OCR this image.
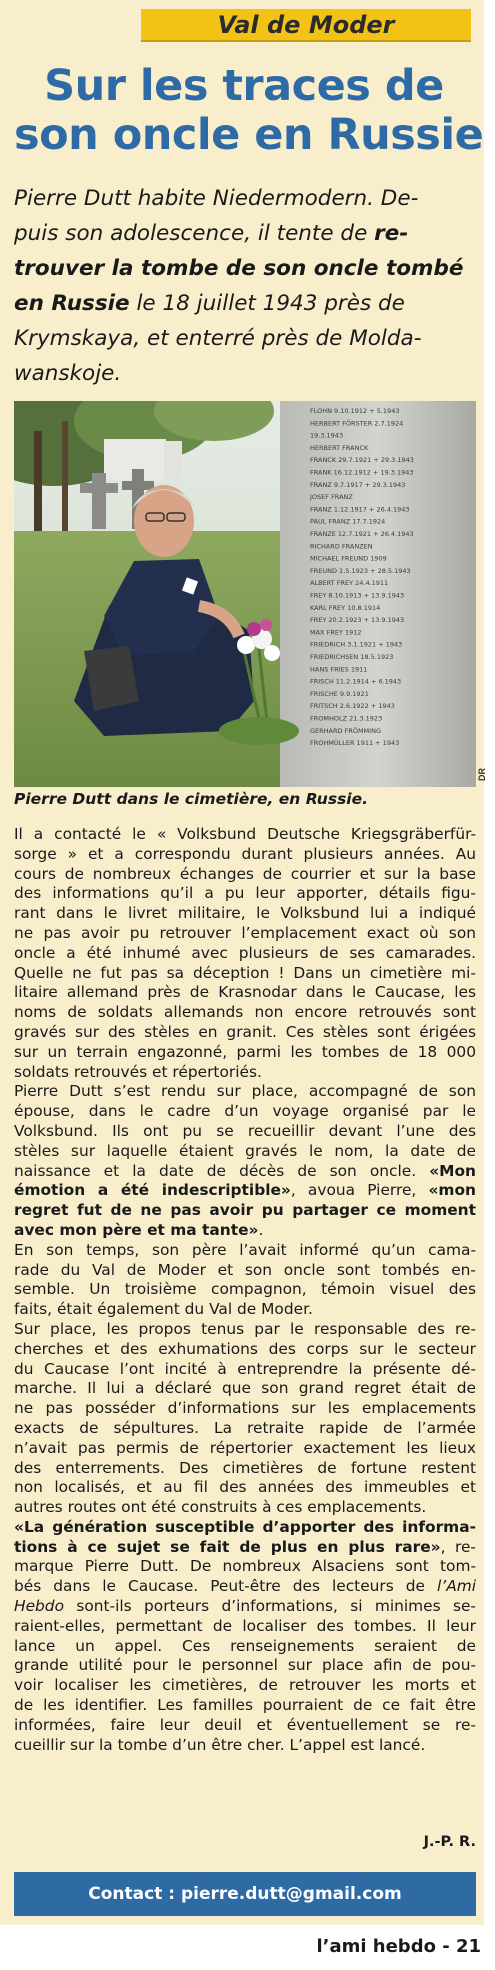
Val de Moder
Sur les traces de
son oncle en Russie
Pierre Dutt habite Niedermodern. De-
puis son adolescence, il tente de re-
trouver la tombe de son oncle tombé
en Russie le 18 juillet 1943 près de
Krymskaya, et enterré près de Molda-
wanskoje.
FLOHN 9.10.1912 + 5.1943
HERBERT FÖRSTER 2.7.1924
19.3.1943
HERBERT FRANCK
FRANCK 29.7.1921 + 29.3.1943
FRANK 16.12.1912 + 19.3.1943
FRANZ 9.7.1917 + 29.3.1943
JOSEF FRANZ
FRANZ 1.12.1917 + 26.4.1943
PAUL FRANZ 17.7.1924
FRANZE 12.7.1921 + 26.4.1943
RICHARD FRANZEN
MICHAEL FREUND 1909
FREUND 1.5.1923 + 28.5.1943
ALBERT FREY 24.4.1911
FREY 8.10.1913 + 13.9.1943
KARL FREY 10.8.1914
FREY 20.2.1923 + 13.9.1943
MAX FREY 1912
FRIEDRICH 3.1.1921 + 1943
FRIEDRICHSEN 18.5.1923
HANS FRIES 1911
FRISCH 11.2.1914 + 6.1943
FRISCHE 9.9.1921
FRITSCH 2.6.1922 + 1943
FROMHOLZ 21.3.1923
GERHARD FRÖMMING
FROHMÜLLER 1911 + 1943
DR
Pierre Dutt dans le cimetière, en Russie.
Il a contacté le « Volksbund Deutsche Kriegsgräberfür-
sorge » et a correspondu durant plusieurs années. Au
cours de nombreux échanges de courrier et sur la base
des informations qu’il a pu leur apporter, détails figu-
rant dans le livret militaire, le Volksbund lui a indiqué
ne pas avoir pu retrouver l’emplacement exact où son
oncle a été inhumé avec plusieurs de ses camarades.
Quelle ne fut pas sa déception ! Dans un cimetière mi-
litaire allemand près de Krasnodar dans le Caucase, les
noms de soldats allemands non encore retrouvés sont
gravés sur des stèles en granit. Ces stèles sont érigées
sur un terrain engazonné, parmi les tombes de 18 000
soldats retrouvés et répertoriés.
Pierre Dutt s’est rendu sur place, accompagné de son
épouse, dans le cadre d’un voyage organisé par le
Volksbund. Ils ont pu se recueillir devant l’une des
stèles sur laquelle étaient gravés le nom, la date de
naissance et la date de décès de son oncle. «Mon
émotion a été indescriptible», avoua Pierre, «mon
regret fut de ne pas avoir pu partager ce moment
avec mon père et ma tante».
En son temps, son père l’avait informé qu’un cama-
rade du Val de Moder et son oncle sont tombés en-
semble. Un troisième compagnon, témoin visuel des
faits, était également du Val de Moder.
Sur place, les propos tenus par le responsable des re-
cherches et des exhumations des corps sur le secteur
du Caucase l’ont incité à entreprendre la présente dé-
marche. Il lui a déclaré que son grand regret était de
ne pas posséder d’informations sur les emplacements
exacts de sépultures. La retraite rapide de l’armée
n’avait pas permis de répertorier exactement les lieux
des enterrements. Des cimetières de fortune restent
non localisés, et au fil des années des immeubles et
autres routes ont été construits à ces emplacements.
«La génération susceptible d’apporter des informa-
tions à ce sujet se fait de plus en plus rare», re-
marque Pierre Dutt. De nombreux Alsaciens sont tom-
bés dans le Caucase. Peut-être des lecteurs de l’Ami
Hebdo sont-ils porteurs d’informations, si minimes se-
raient-elles, permettant de localiser des tombes. Il leur
lance un appel. Ces renseignements seraient de
grande utilité pour le personnel sur place afin de pou-
voir localiser les cimetières, de retrouver les morts et
de les identifier. Les familles pourraient de ce fait être
informées, faire leur deuil et éventuellement se re-
cueillir sur la tombe d’un être cher. L’appel est lancé.
J.-P. R.
Contact : pierre.dutt@gmail.com
l’ami hebdo - 21
